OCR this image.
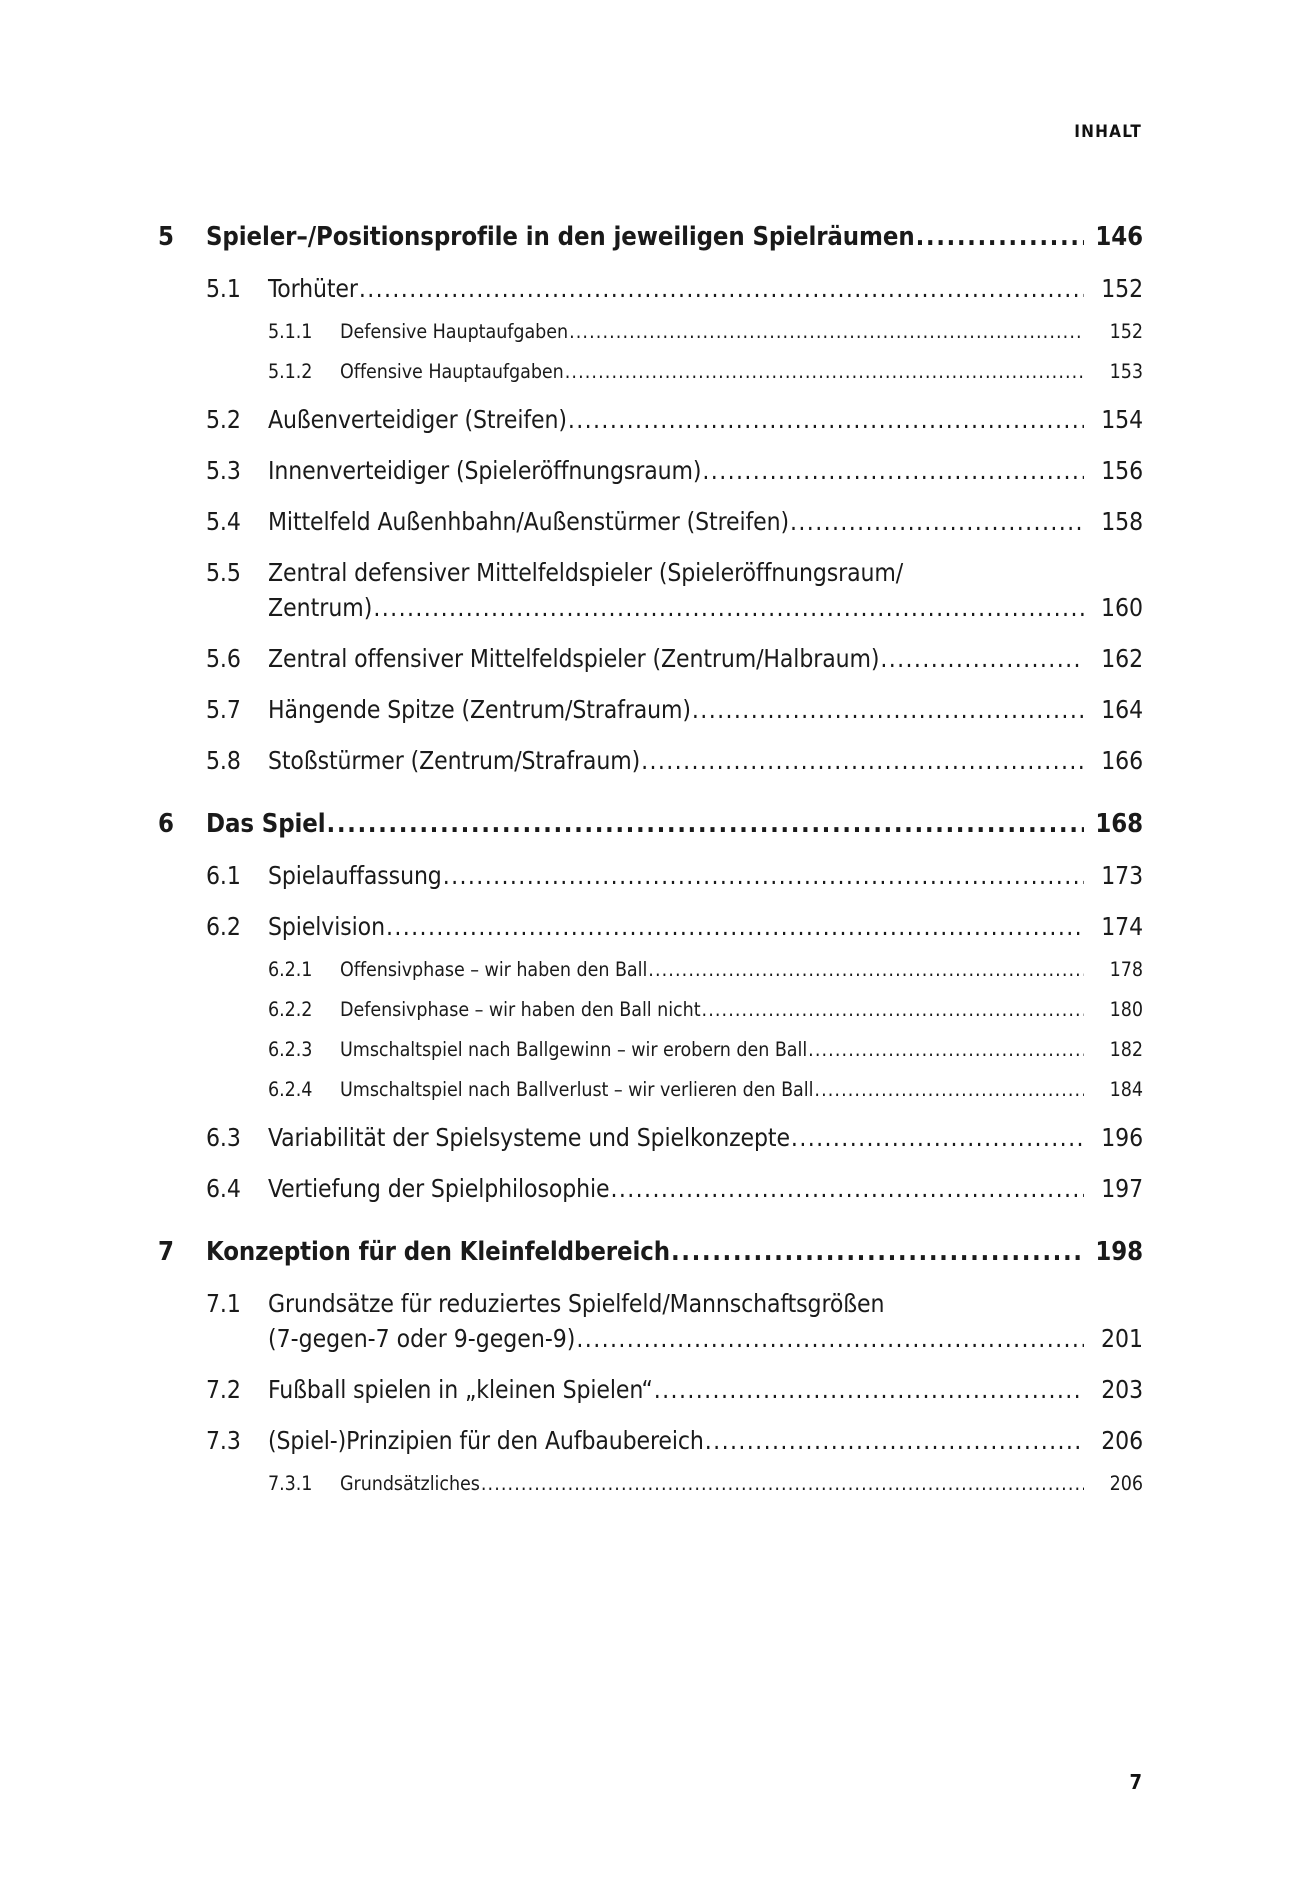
INHALT
5	Spieler–/Positionsprofile in den jeweiligen Spielräumen .....	146
5.1	Torhüter .....	152
5.1.1	Defensive Hauptaufgaben .....	152
5.1.2	Offensive Hauptaufgaben .....	153
5.2	Außenverteidiger (Streifen) .....	154
5.3	Innenverteidiger (Spieleröffnungsraum) .....	156
5.4	Mittelfeld Außenhbahn/Außenstürmer (Streifen) .....	158
5.5	Zentral defensiver Mittelfeldspieler (Spieleröffnungsraum/
Zentrum) .....	160
5.6	Zentral offensiver Mittelfeldspieler (Zentrum/Halbraum) .....	162
5.7	Hängende Spitze (Zentrum/Strafraum) .....	164
5.8	Stoßstürmer (Zentrum/Strafraum) .....	166
6	Das Spiel .....	168
6.1	Spielauffassung .....	173
6.2	Spielvision .....	174
6.2.1	Offensivphase – wir haben den Ball .....	178
6.2.2	Defensivphase – wir haben den Ball nicht .....	180
6.2.3	Umschaltspiel nach Ballgewinn – wir erobern den Ball .....	182
6.2.4	Umschaltspiel nach Ballverlust – wir verlieren den Ball .....	184
6.3	Variabilität der Spielsysteme und Spielkonzepte .....	196
6.4	Vertiefung der Spielphilosophie .....	197
7	Konzeption für den Kleinfeldbereich .....	198
7.1	Grundsätze für reduziertes Spielfeld/Mannschaftsgrößen
(7-gegen-7 oder 9-gegen-9) .....	201
7.2	Fußball spielen in „kleinen Spielen“ .....	203
7.3	(Spiel-)Prinzipien für den Aufbaubereich .....	206
7.3.1	Grundsätzliches .....	206
7
